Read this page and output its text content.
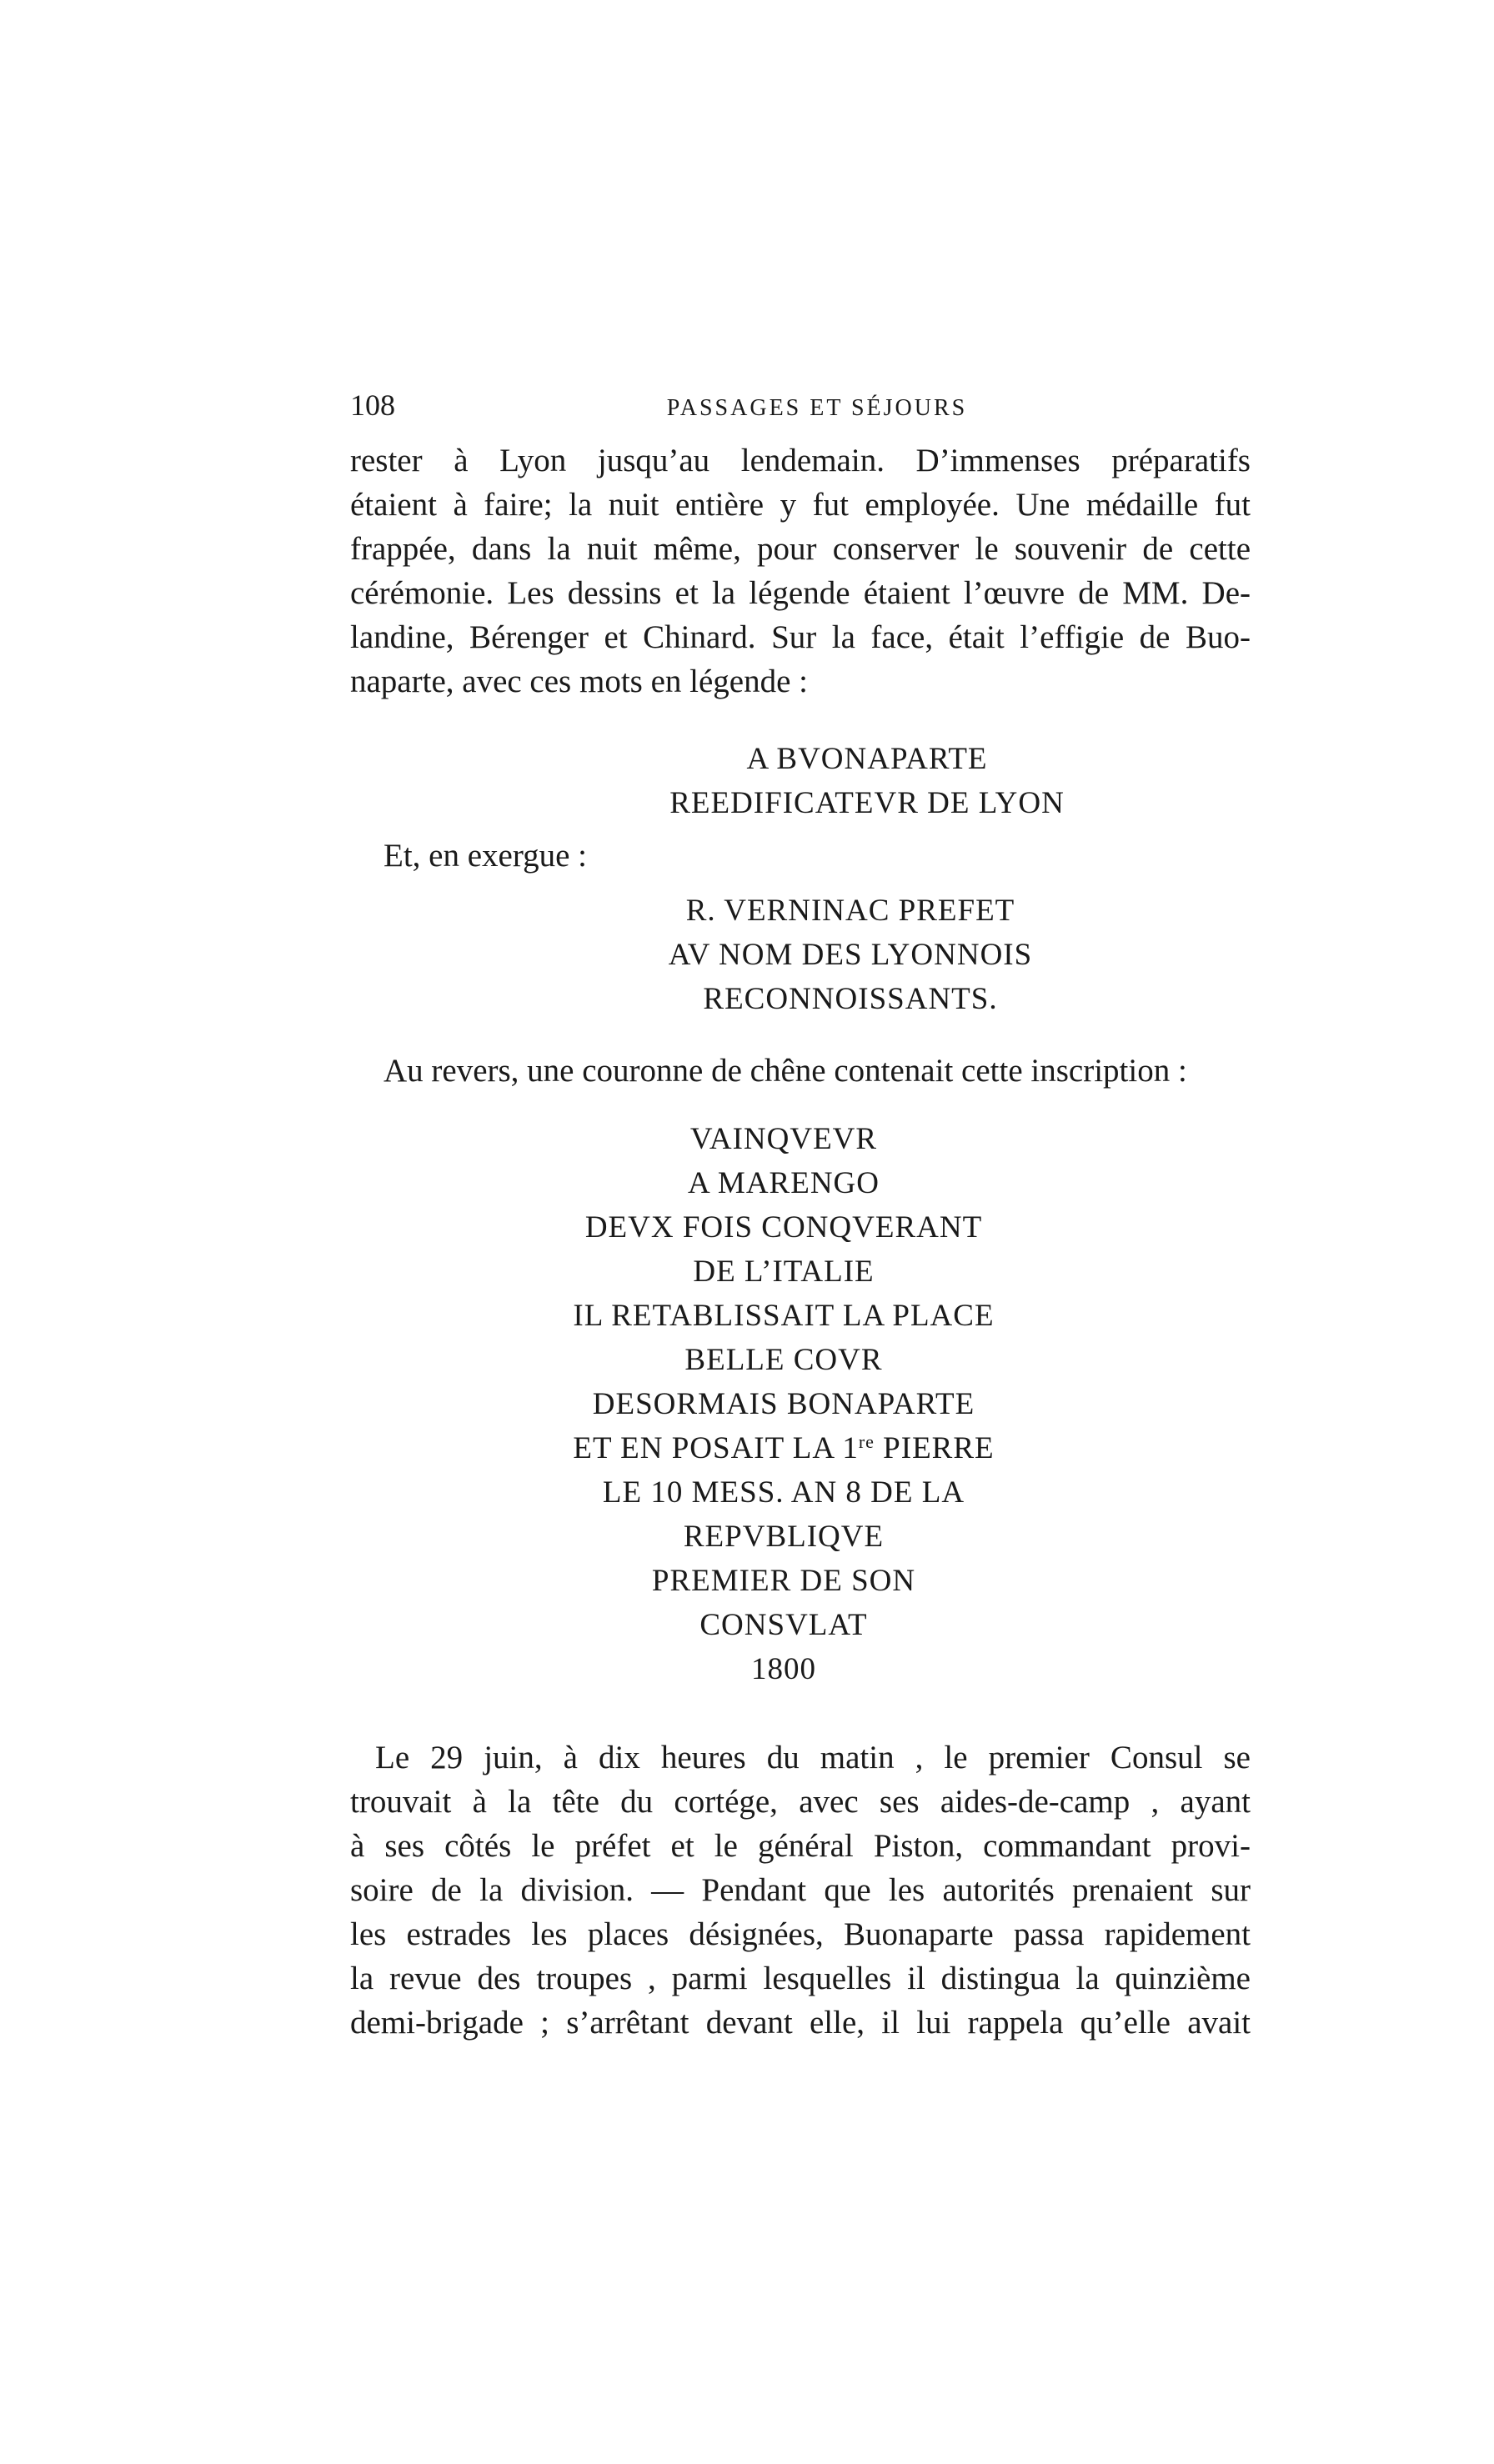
108	PASSAGES ET SÉJOURS
rester à Lyon jusqu’au lendemain. D’immenses préparatifs
étaient à faire; la nuit entière y fut employée. Une médaille fut
frappée, dans la nuit même, pour conserver le souvenir de cette
cérémonie. Les dessins et la légende étaient l’œuvre de MM. De-
landine, Bérenger et Chinard. Sur la face, était l’effigie de Buo-
naparte, avec ces mots en légende :
A BVONAPARTE
REEDIFICATEVR DE LYON
Et, en exergue :
R. VERNINAC PREFET
AV NOM DES LYONNOIS
RECONNOISSANTS.
Au revers, une couronne de chêne contenait cette inscription :
VAINQVEVR
A MARENGO
DEVX FOIS CONQVERANT
DE L’ITALIE
IL RETABLISSAIT LA PLACE
BELLE COVR
DESORMAIS BONAPARTE
ET EN POSAIT LA 1re PIERRE
LE 10 MESS. AN 8 DE LA
REPVBLIQVE
PREMIER DE SON
CONSVLAT
1800
Le 29 juin, à dix heures du matin , le premier Consul se
trouvait à la tête du cortége, avec ses aides-de-camp , ayant
à ses côtés le préfet et le général Piston, commandant provi-
soire de la division. — Pendant que les autorités prenaient sur
les estrades les places désignées, Buonaparte passa rapidement
la revue des troupes , parmi lesquelles il distingua la quinzième
demi-brigade ; s’arrêtant devant elle, il lui rappela qu’elle avait
